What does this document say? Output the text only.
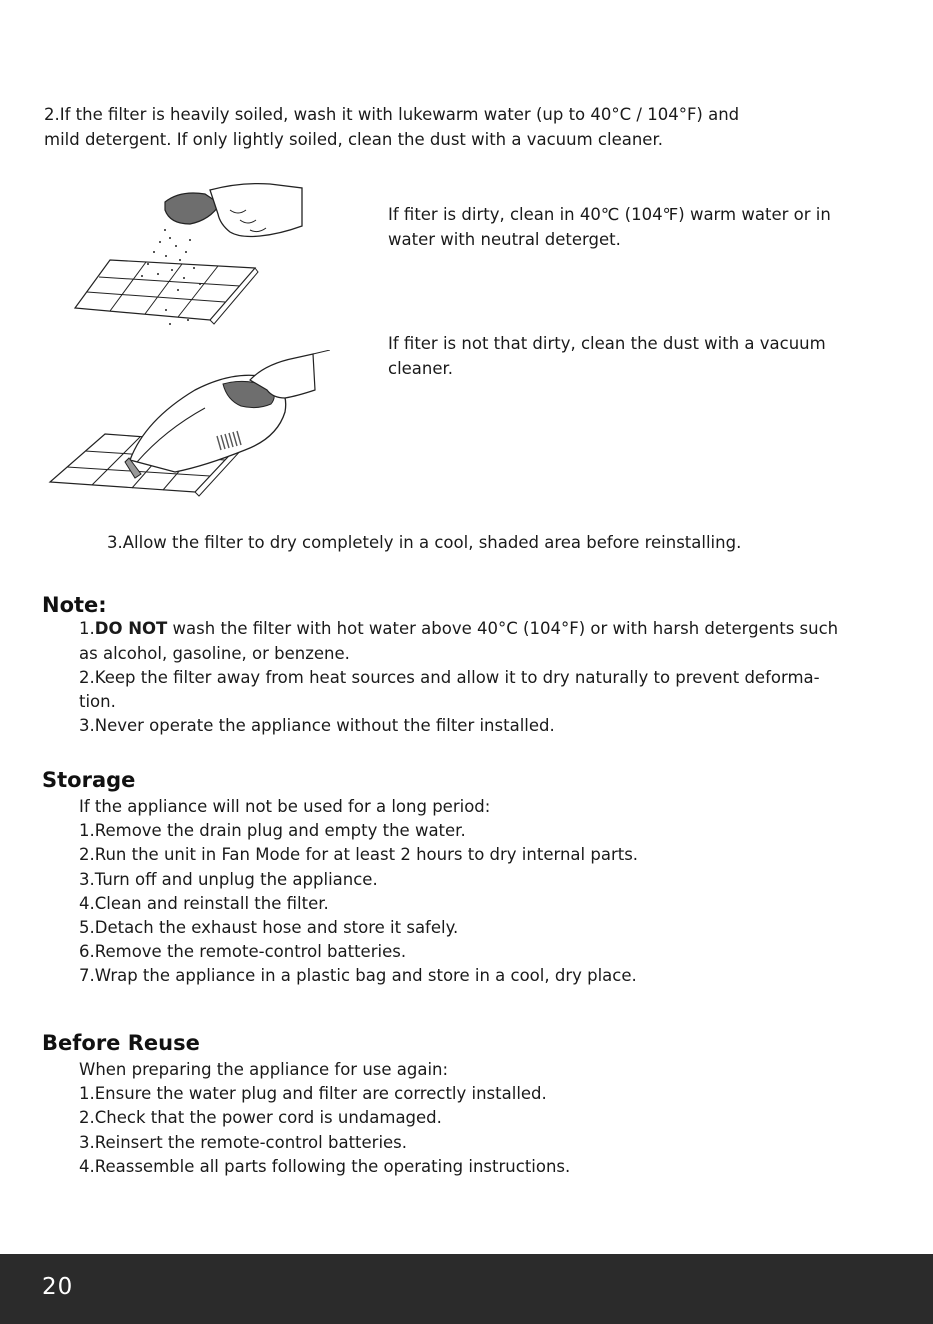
2.If the filter is heavily soiled, wash it with lukewarm water (up to 40°C / 104°F) and
mild detergent. If only lightly soiled, clean the dust with a vacuum cleaner.
If fiter is dirty, clean in 40℃ (104℉) warm water or in
water with neutral deterget.
If fiter is not that dirty, clean the dust with a vacuum
cleaner.
3.Allow the filter to dry completely in a cool, shaded area before reinstalling.
Note:
1.DO NOT wash the filter with hot water above 40°C (104°F) or with harsh detergents such
as alcohol, gasoline, or benzene.
2.Keep the filter away from heat sources and allow it to dry naturally to prevent deforma-
tion.
3.Never operate the appliance without the filter installed.
Storage
If the appliance will not be used for a long period:
1.Remove the drain plug and empty the water.
2.Run the unit in Fan Mode for at least 2 hours to dry internal parts.
3.Turn off and unplug the appliance.
4.Clean and reinstall the filter.
5.Detach the exhaust hose and store it safely.
6.Remove the remote-control batteries.
7.Wrap the appliance in a plastic bag and store in a cool, dry place.
Before Reuse
When preparing the appliance for use again:
1.Ensure the water plug and filter are correctly installed.
2.Check that the power cord is undamaged.
3.Reinsert the remote-control batteries.
4.Reassemble all parts following the operating instructions.
20
